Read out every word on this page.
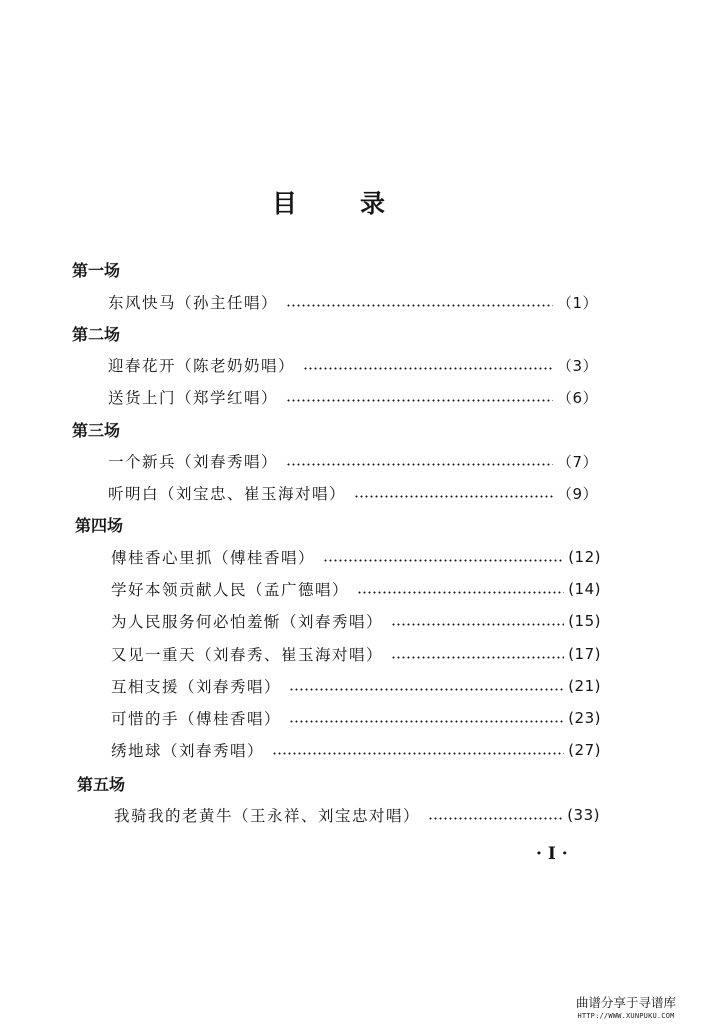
目	录
第一场
东风快马（孙主任唱）	（1）
第二场
迎春花开（陈老奶奶唱）	（3）
送货上门（郑学红唱）	（6）
第三场
一个新兵（刘春秀唱）	（7）
听明白（刘宝忠、崔玉海对唱）	（9）
第四场
傅桂香心里抓（傅桂香唱）	(12)
学好本领贡献人民（孟广德唱）	(14)
为人民服务何必怕羞惭（刘春秀唱）	(15)
又见一重天（刘春秀、崔玉海对唱）	(17)
互相支援（刘春秀唱）	(21)
可惜的手（傅桂香唱）	(23)
绣地球（刘春秀唱）	(27)
第五场
我骑我的老黄牛（王永祥、刘宝忠对唱）	(33)
· I ·
曲谱分享于寻谱库
HTTP://WWW.XUNPUKU.COM
